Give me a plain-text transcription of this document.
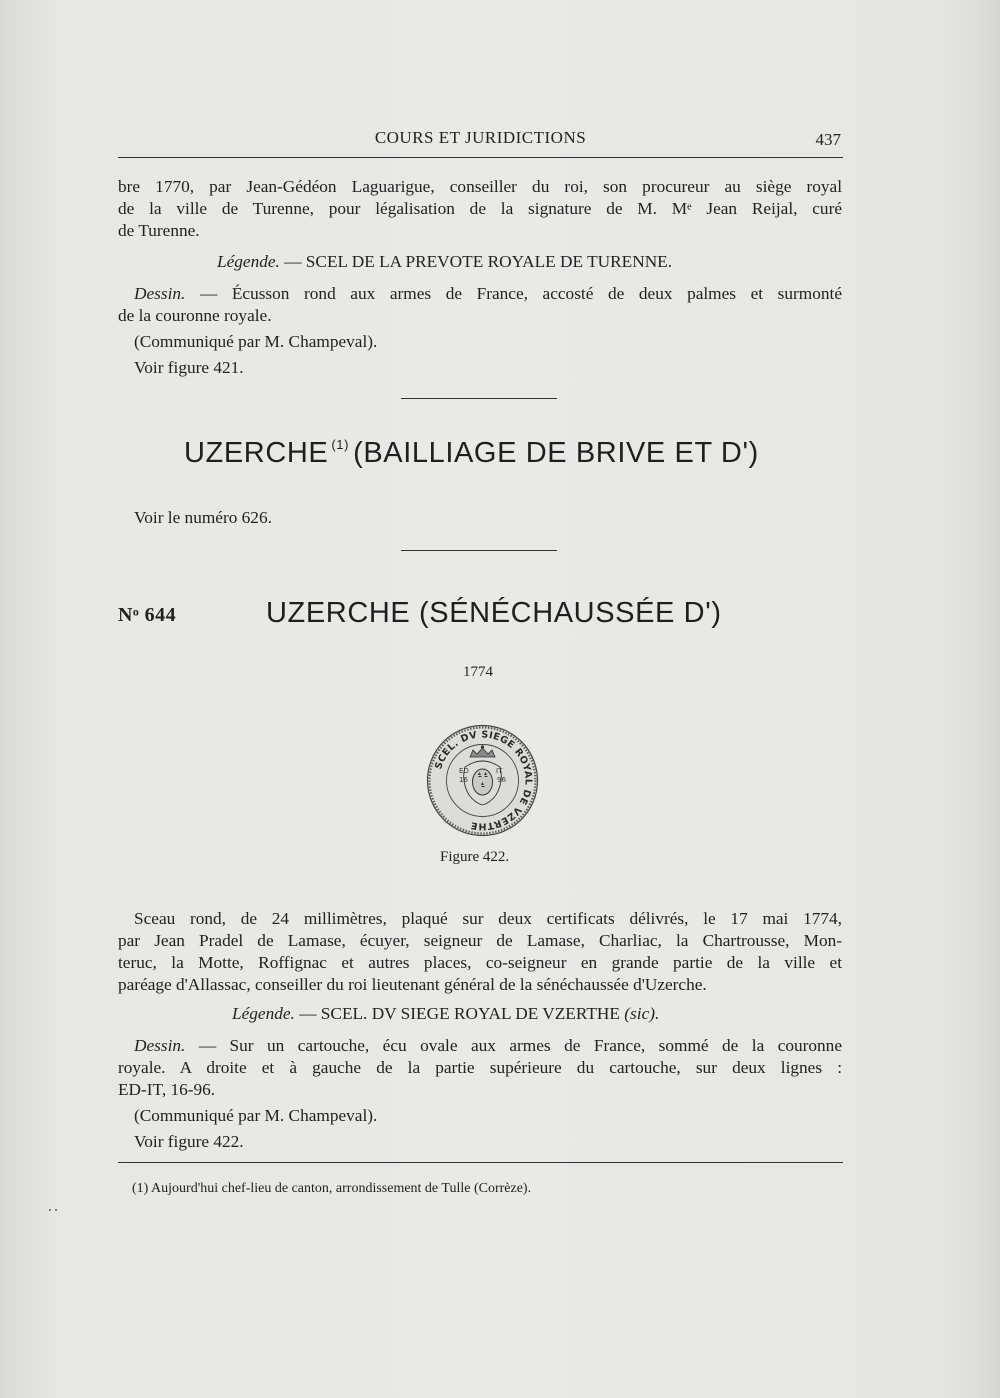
COURS ET JURIDICTIONS	437
bre 1770, par Jean-Gédéon Laguarigue, conseiller du roi, son procureur au siège royal
de la ville de Turenne, pour légalisation de la signature de M. Mᵉ Jean Reijal, curé
de Turenne.
Légende. — SCEL DE LA PREVOTE ROYALE DE TURENNE.
Dessin. — Écusson rond aux armes de France, accosté de deux palmes et surmonté
de la couronne royale.
(Communiqué par M. Champeval).
Voir figure 421.
UZERCHE $^{(1)}$ (BAILLIAGE DE BRIVE ET D')
Voir le numéro 626.
Nᵒ 644	UZERCHE (SÉNÉCHAUSSÉE D')
1774
SCEL. DV SIEGE ROYAL DE VZERTHE
ED	IT
16	96
Figure 422.
Sceau rond, de 24 millimètres, plaqué sur deux certificats délivrés, le 17 mai 1774,
par Jean Pradel de Lamase, écuyer, seigneur de Lamase, Charliac, la Chartrousse, Mon-
teruc, la Motte, Roffignac et autres places, co-seigneur en grande partie de la ville et
paréage d'Allassac, conseiller du roi lieutenant général de la sénéchaussée d'Uzerche.
Légende. — SCEL. DV SIEGE ROYAL DE VZERTHE (sic).
Dessin. — Sur un cartouche, écu ovale aux armes de France, sommé de la couronne
royale. A droite et à gauche de la partie supérieure du cartouche, sur deux lignes :
ED-IT, 16-96.
(Communiqué par M. Champeval).
Voir figure 422.
(1) Aujourd'hui chef-lieu de canton, arrondissement de Tulle (Corrèze).
